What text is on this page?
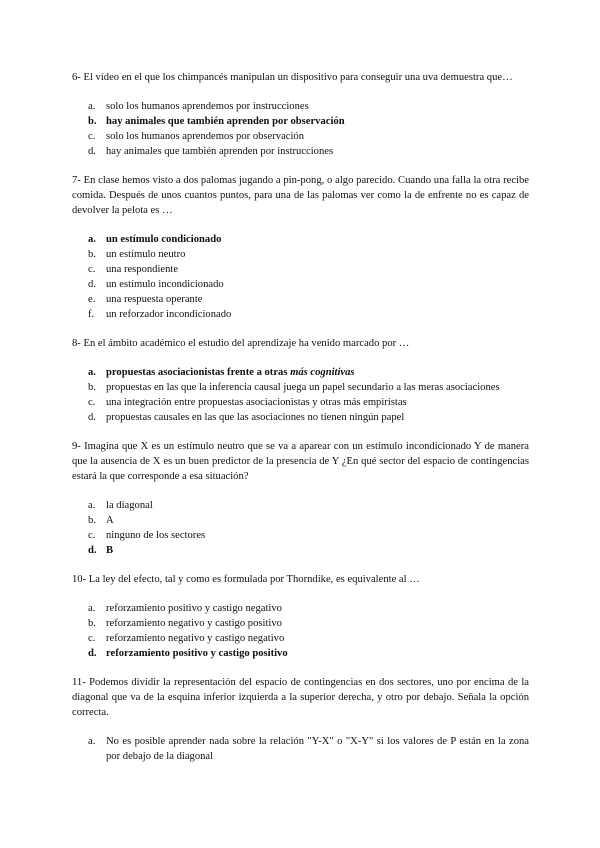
6- El vídeo en el que los chimpancés manipulan un dispositivo para conseguir una uva demuestra que…

a.	solo los humanos aprendemos por instrucciones
b. hay animales que también aprenden por observación
c.	solo los humanos aprendemos por observación
d. hay animales que también aprenden por instrucciones

7- En clase hemos visto a dos palomas jugando a pin-pong, o algo parecido. Cuando una falla la otra recibe comida. Después de unos cuantos puntos, para una de las palomas ver como la de enfrente no es capaz de devolver la pelota es …

a. un estímulo condicionado
b. un estímulo neutro
c.	una respondiente
d. un estímulo incondicionado
e.	una respuesta operante
f.	un reforzador incondicionado

8- En el ámbito académico el estudio del aprendizaje ha venido marcado por …

a. propuestas asociacionistas frente a otras más cognitivas
b. propuestas en las que la inferencia causal juega un papel secundario a las meras asociaciones
c.	una integración entre propuestas asociacionistas y otras más empiristas
d. propuestas causales en las que las asociaciones no tienen ningún papel

9- Imagina que X es un estímulo neutro que se va a aparear con un estímulo incondicionado Y de manera que la ausencia de X es un buen predictor de la presencia de Y ¿En qué sector del espacio de contingencias estará la que corresponde a esa situación?

a.	la diagonal
b. A
c.	ninguno de los sectores
d. B

10- La ley del efecto, tal y como es formulada por Thorndike, es equivalente al …

a.	reforzamiento positivo y castigo negativo
b. reforzamiento negativo y castigo positivo
c.	reforzamiento negativo y castigo negativo
d. reforzamiento positivo y castigo positivo

11- Podemos dividir la representación del espacio de contingencias en dos sectores, uno por encima de la diagonal que va de la esquina inferior izquierda a la superior derecha, y otro por debajo. Señala la opción correcta.

a.	No es posible aprender nada sobre la relación "Y-X" o "X-Y" si los valores de P están en la zona por debajo de la diagonal
